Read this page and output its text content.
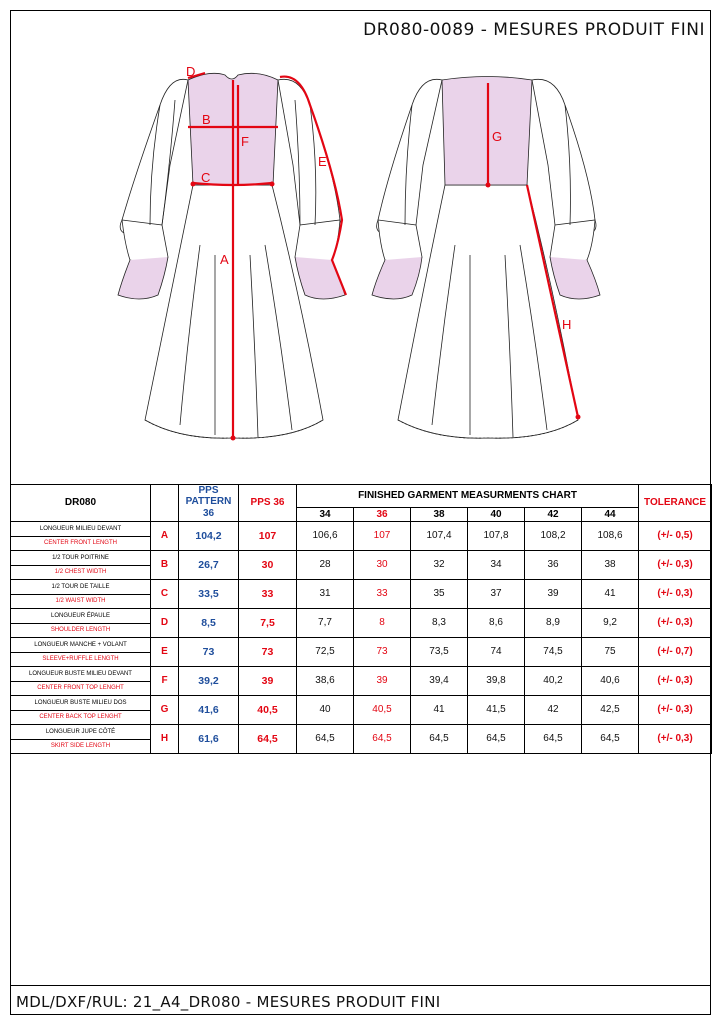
DR080-0089 - MESURES PRODUIT FINI
D
B
F
C
A
E
G
H
DR080		PPS PATTERN	PPS 36	FINISHED GARMENT MEASURMENTS CHART						TOLERANCE
		36		34	36	38	40	42	44	
LONGUEUR MILIEU DEVANT	A	104,2	107	106,6	107	107,4	107,8	108,2	108,6	(+/- 0,5)
CENTER FRONT LENGTH										
1/2 TOUR POITRINE	B	26,7	30	28	30	32	34	36	38	(+/- 0,3)
1/2 CHEST WIDTH										
1/2 TOUR DE TAILLE	C	33,5	33	31	33	35	37	39	41	(+/- 0,3)
1/2 WAIST WIDTH										
LONGUEUR ÉPAULE	D	8,5	7,5	7,7	8	8,3	8,6	8,9	9,2	(+/- 0,3)
SHOULDER LENGTH										
LONGUEUR MANCHE + VOLANT	E	73	73	72,5	73	73,5	74	74,5	75	(+/- 0,7)
SLEEVE+RUFFLE LENGTH										
LONGUEUR BUSTE MILIEU DEVANT	F	39,2	39	38,6	39	39,4	39,8	40,2	40,6	(+/- 0,3)
CENTER FRONT TOP LENGHT										
LONGUEUR BUSTE MILIEU DOS	G	41,6	40,5	40	40,5	41	41,5	42	42,5	(+/- 0,3)
CENTER BACK TOP LENGHT										
LONGUEUR JUPE CÔTÉ	H	61,6	64,5	64,5	64,5	64,5	64,5	64,5	64,5	(+/- 0,3)
SKIRT SIDE LENGTH										
MDL/DXF/RUL: 21_A4_DR080 - MESURES PRODUIT FINI
